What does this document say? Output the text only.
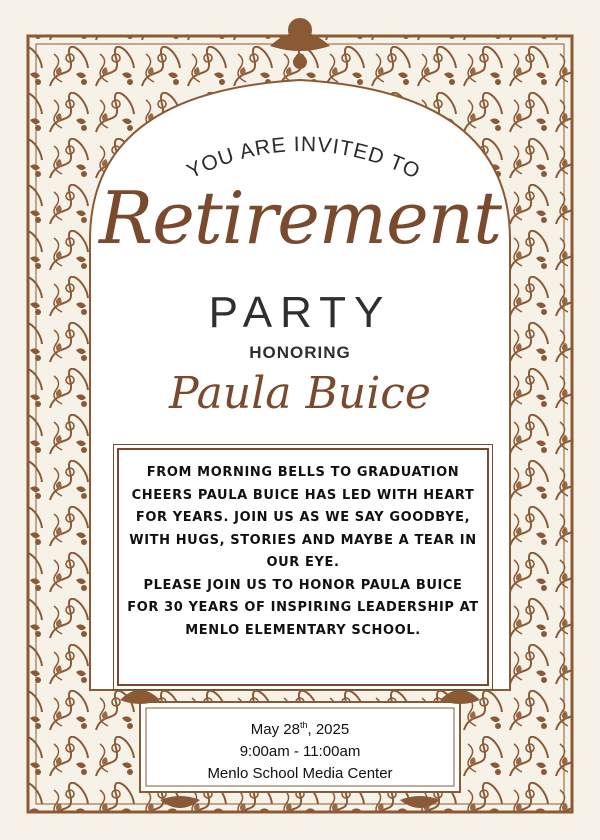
YOU ARE INVITED TO
Retirement
PARTY
HONORING
Paula Buice
FROM MORNING BELLS TO GRADUATION CHEERS PAULA BUICE HAS LED WITH HEART FOR YEARS. JOIN US AS WE SAY GOODBYE, WITH HUGS, STORIES AND MAYBE A TEAR IN OUR EYE.
PLEASE JOIN US TO HONOR PAULA BUICE FOR 30 YEARS OF INSPIRING LEADERSHIP AT MENLO ELEMENTARY SCHOOL.
May 28th, 2025
9:00am - 11:00am
Menlo School Media Center
